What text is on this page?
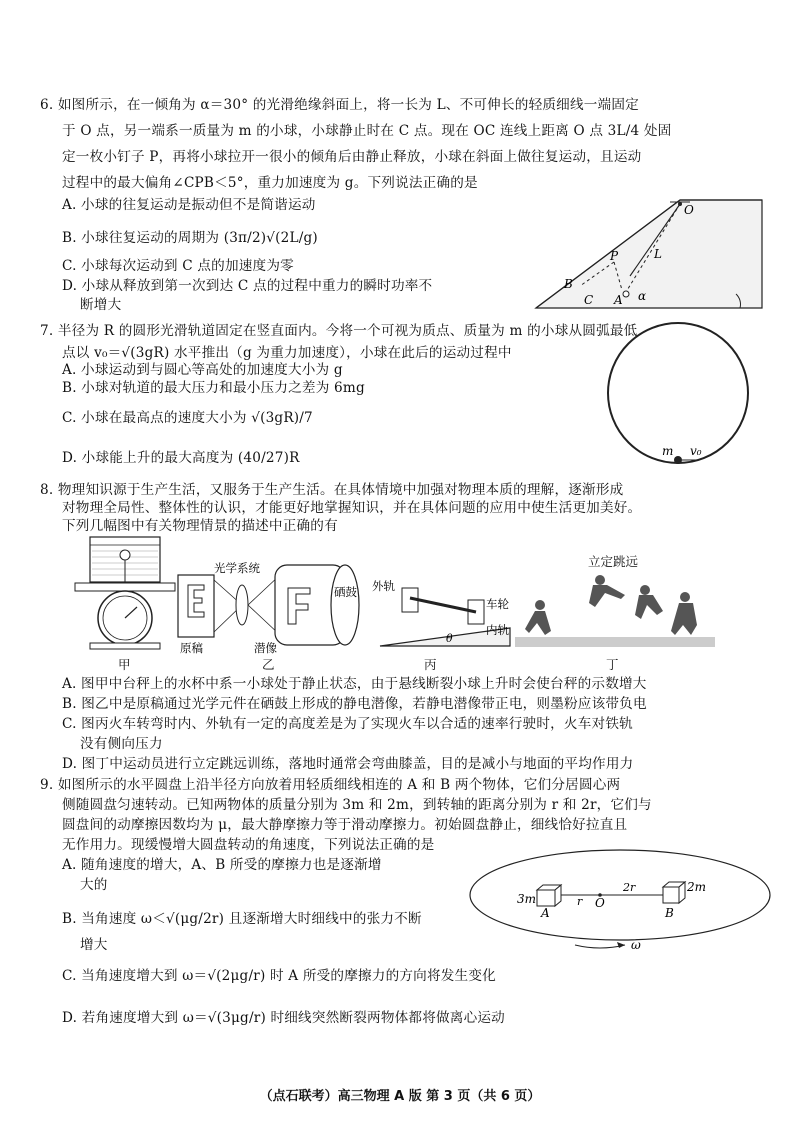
6. 如图所示，在一倾角为 α＝30° 的光滑绝缘斜面上，将一长为 L、不可伸长的轻质细线一端固定
于 O 点，另一端系一质量为 m 的小球，小球静止时在 C 点。现在 OC 连线上距离 O 点 3L/4 处固
定一枚小钉子 P，再将小球拉开一很小的倾角后由静止释放，小球在斜面上做往复运动，且运动
过程中的最大偏角∠CPB＜5°，重力加速度为 g。下列说法正确的是
A. 小球的往复运动是振动但不是简谐运动
B. 小球往复运动的周期为 (3π/2)√(2L/g)
C. 小球每次运动到 C 点的加速度为零
D. 小球从释放到第一次到达 C 点的过程中重力的瞬时功率不
断增大
O
L
P
B
C A α
7. 半径为 R 的圆形光滑轨道固定在竖直面内。今将一个可视为质点、质量为 m 的小球从圆弧最低
点以 v₀＝√(3gR) 水平推出（g 为重力加速度），小球在此后的运动过程中
A. 小球运动到与圆心等高处的加速度大小为 g
B. 小球对轨道的最大压力和最小压力之差为 6mg
C. 小球在最高点的速度大小为 √(3gR)/7
D. 小球能上升的最大高度为 (40/27)R	m v₀
8. 物理知识源于生产生活，又服务于生产生活。在具体情境中加强对物理本质的理解，逐渐形成
对物理全局性、整体性的认识，才能更好地掌握知识，并在具体问题的应用中使生活更加美好。
下列几幅图中有关物理情景的描述中正确的有
光学系统
原稿	潜像
硒鼓 外轨
车轮
内轨
θ
立定跳远
甲	乙	丙	丁
A. 图甲中台秤上的水杯中系一小球处于静止状态，由于悬线断裂小球上升时会使台秤的示数增大
B. 图乙中是原稿通过光学元件在硒鼓上形成的静电潜像，若静电潜像带正电，则墨粉应该带负电
C. 图丙火车转弯时内、外轨有一定的高度差是为了实现火车以合适的速率行驶时，火车对铁轨
没有侧向压力
D. 图丁中运动员进行立定跳远训练，落地时通常会弯曲膝盖，目的是减小与地面的平均作用力
9. 如图所示的水平圆盘上沿半径方向放着用轻质细线相连的 A 和 B 两个物体，它们分居圆心两
侧随圆盘匀速转动。已知两物体的质量分别为 3m 和 2m，到转轴的距离分别为 r 和 2r，它们与
圆盘间的动摩擦因数均为 μ，最大静摩擦力等于滑动摩擦力。初始圆盘静止，细线恰好拉直且
无作用力。现缓慢增大圆盘转动的角速度，下列说法正确的是
A. 随角速度的增大，A、B 所受的摩擦力也是逐渐增
大的
B. 当角速度 ω＜√(μg/2r) 且逐渐增大时细线中的张力不断
增大
C. 当角速度增大到 ω＝√(2μg/r) 时 A 所受的摩擦力的方向将发生变化
D. 若角速度增大到 ω＝√(3μg/r) 时细线突然断裂两物体都将做离心运动
3m
2m
A	B
O
r
2r
ω
（点石联考）高三物理 A 版 第 3 页（共 6 页）
